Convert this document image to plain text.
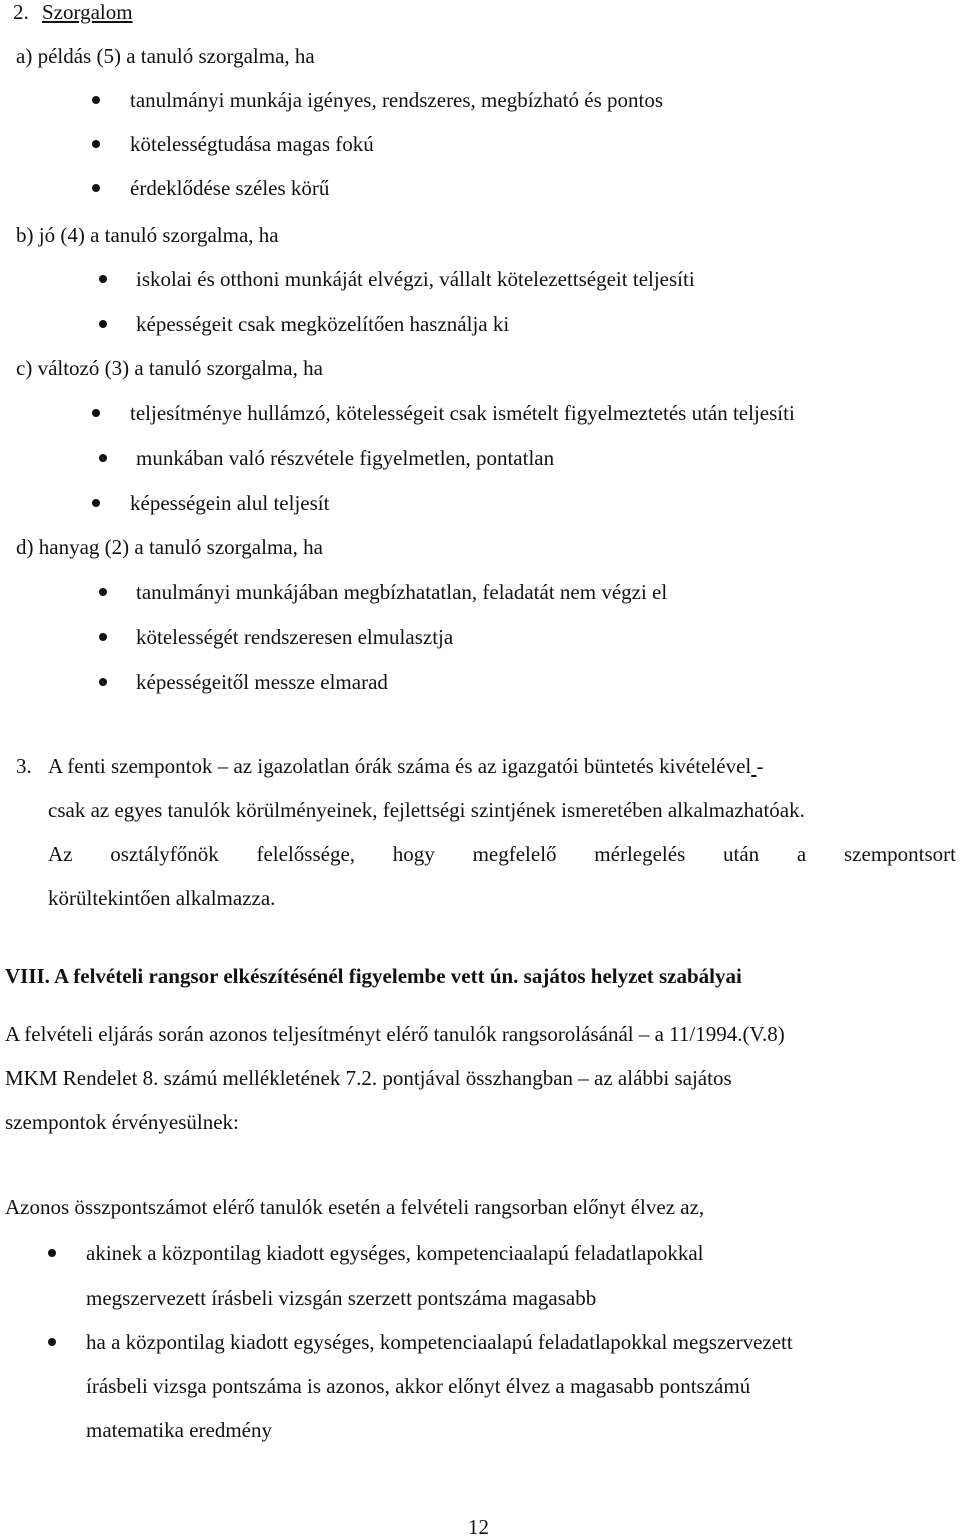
2. Szorgalom
a) példás (5) a tanuló szorgalma, ha
tanulmányi munkája igényes, rendszeres, megbízható és pontos
kötelességtudása magas fokú
érdeklődése széles körű
b) jó (4) a tanuló szorgalma, ha
iskolai és otthoni munkáját elvégzi, vállalt kötelezettségeit teljesíti
képességeit csak megközelítően használja ki
c) változó (3) a tanuló szorgalma, ha
teljesítménye hullámzó, kötelességeit csak ismételt figyelmeztetés után teljesíti
munkában való részvétele figyelmetlen, pontatlan
képességein alul teljesít
d) hanyag (2) a tanuló szorgalma, ha
tanulmányi munkájában megbízhatatlan, feladatát nem végzi el
kötelességét rendszeresen elmulasztja
képességeitől messze elmarad
3. A fenti szempontok – az igazolatlan órák száma és az igazgatói büntetés kivételével -
csak az egyes tanulók körülményeinek, fejlettségi szintjének ismeretében alkalmazhatóak.
Az osztályfőnök felelőssége, hogy megfelelő mérlegelés után a szempontsort
körültekintően alkalmazza.
VIII. A felvételi rangsor elkészítésénél figyelembe vett ún. sajátos helyzet szabályai
A felvételi eljárás során azonos teljesítményt elérő tanulók rangsorolásánál – a 11/1994.(V.8)
MKM Rendelet 8. számú mellékletének 7.2. pontjával összhangban – az alábbi sajátos
szempontok érvényesülnek:
Azonos összpontszámot elérő tanulók esetén a felvételi rangsorban előnyt élvez az,
akinek a központilag kiadott egységes, kompetenciaalapú feladatlapokkal
megszervezett írásbeli vizsgán szerzett pontszáma magasabb
ha a központilag kiadott egységes, kompetenciaalapú feladatlapokkal megszervezett
írásbeli vizsga pontszáma is azonos, akkor előnyt élvez a magasabb pontszámú
matematika eredmény
12
